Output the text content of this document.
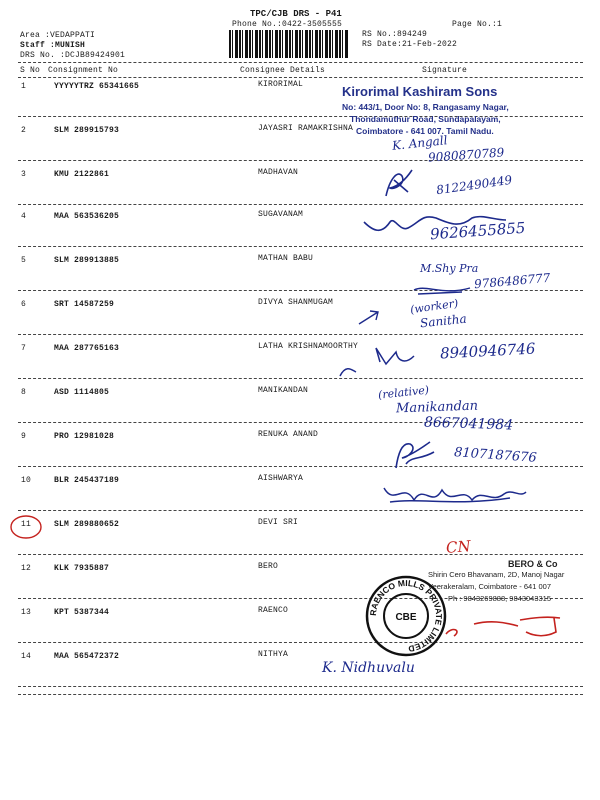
TPC/CJB DRS - P41
Phone No.:0422-3505555	Page No.:1
Area :VEDAPPATI
Staff :MUNISH
DRS No. :DCJB89424901
RS No.:894249
RS Date:21-Feb-2022
S No Consignment No	Consignee Details	Signature
1	YYYYYTRZ 65341665	KIRORIMAL
2	SLM 289915793	JAYASRI RAMAKRISHNA
3	KMU 2122861	MADHAVAN
4	MAA 563536205	SUGAVANAM
5	SLM 289913885	MATHAN BABU
6	SRT 14587259	DIVYA SHANMUGAM
7	MAA 287765163	LATHA KRISHNAMOORTHY
8	ASD 1114805	MANIKANDAN
9	PRO 12981028	RENUKA ANAND
10	BLR 245437189	AISHWARYA
11	SLM 289880652	DEVI SRI
12	KLK 7935887	BERO
13	KPT 5387344	RAENCO
14	MAA 565472372	NITHYA
Kirorimal Kashiram Sons
No: 443/1, Door No: 8, Rangasamy Nagar,
Thondamuthur Road, Sundapalayam,
Coimbatore - 641 007. Tamil Nadu.
K. Angall
9080870789
8122490449
9626455855
M.Shy Pra
9786486777
(worker)
Sanitha
8940946746
(relative)
Manikandan
8667041984
8107187676
CN
BERO & Co
Shirin Cero Bhavanam, 2D, Manoj Nagar
Veerakeralam, Coimbatore - 641 007
Ph : 9843269888, 9843043315
RAENCO MILLS PRIVATE LIMITED
CBE
K. Nidhuvalu
